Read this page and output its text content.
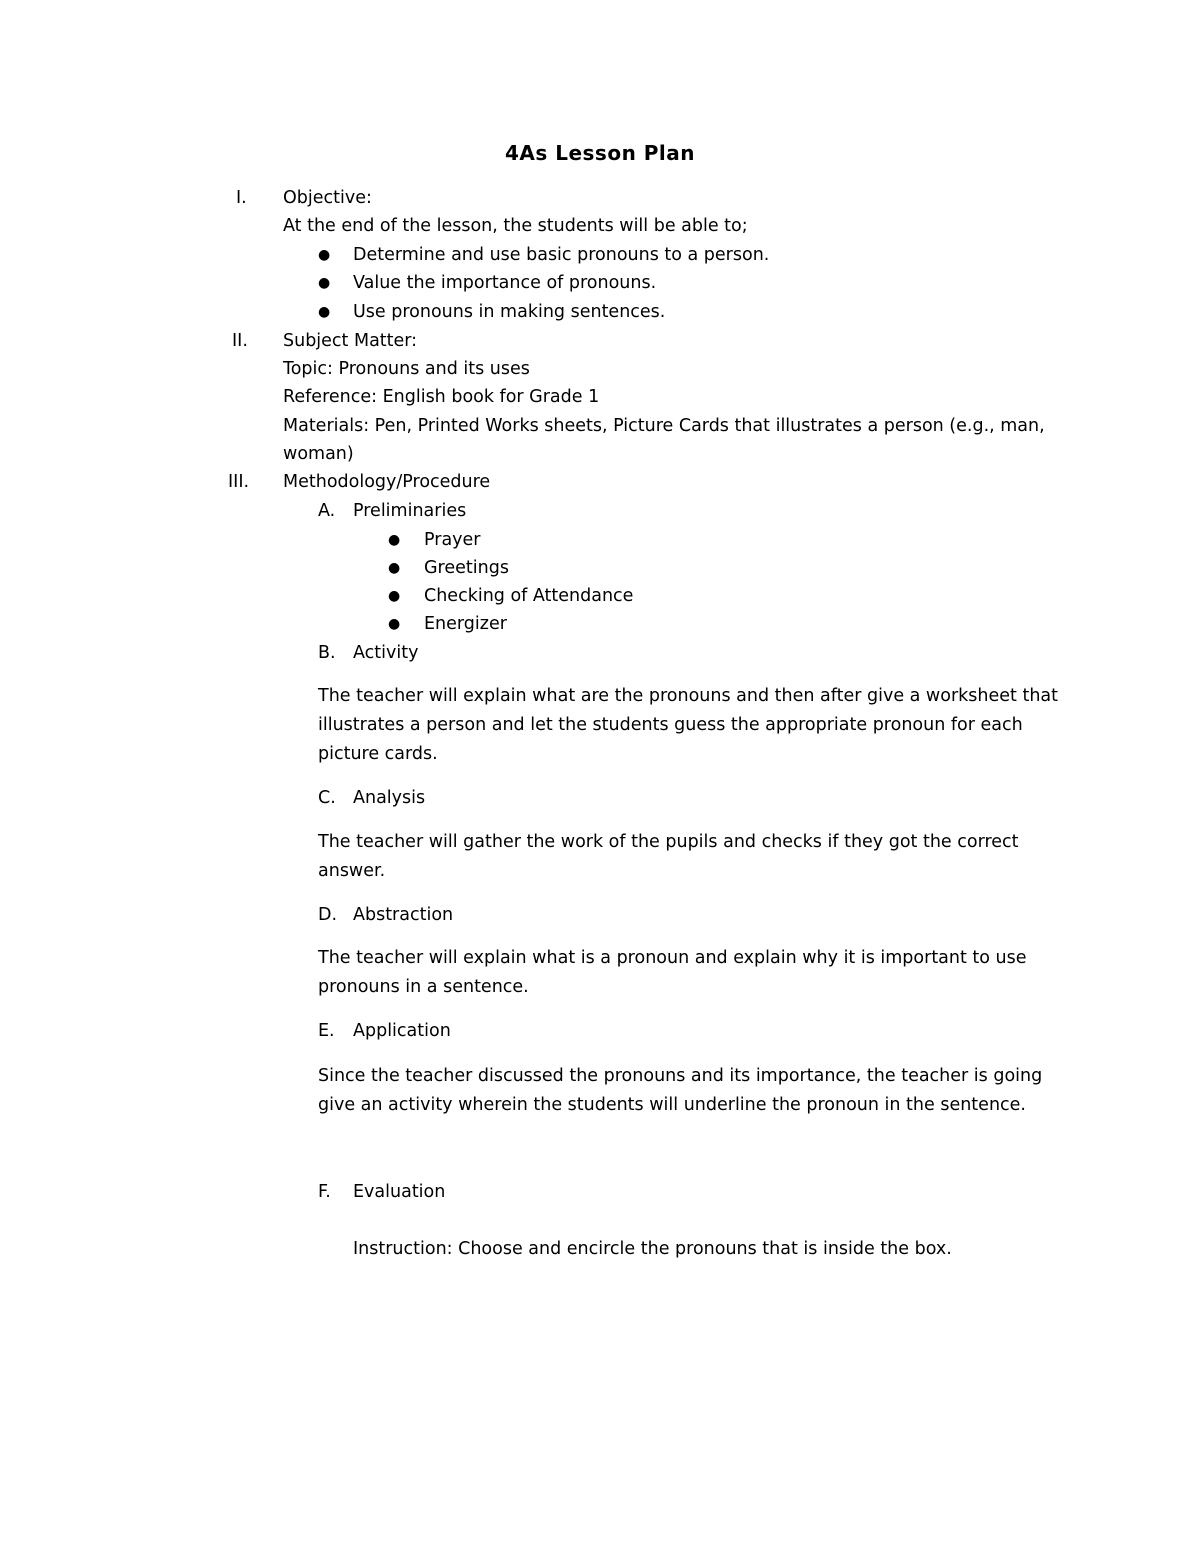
4As Lesson Plan
I. Objective:
At the end of the lesson, the students will be able to;
● Determine and use basic pronouns to a person.
● Value the importance of pronouns.
● Use pronouns in making sentences.
II. Subject Matter:
Topic: Pronouns and its uses
Reference: English book for Grade 1
Materials: Pen, Printed Works sheets, Picture Cards that illustrates a person (e.g., man,
woman)
III. Methodology/Procedure
A. Preliminaries
● Prayer
● Greetings
● Checking of Attendance
● Energizer
B. Activity
The teacher will explain what are the pronouns and then after give a worksheet that illustrates a person and let the students guess the appropriate pronoun for each picture cards.
C. Analysis
The teacher will gather the work of the pupils and checks if they got the correct answer.
D. Abstraction
The teacher will explain what is a pronoun and explain why it is important to use pronouns in a sentence.
E. Application
Since the teacher discussed the pronouns and its importance, the teacher is going give an activity wherein the students will underline the pronoun in the sentence.
F. Evaluation
Instruction: Choose and encircle the pronouns that is inside the box.
